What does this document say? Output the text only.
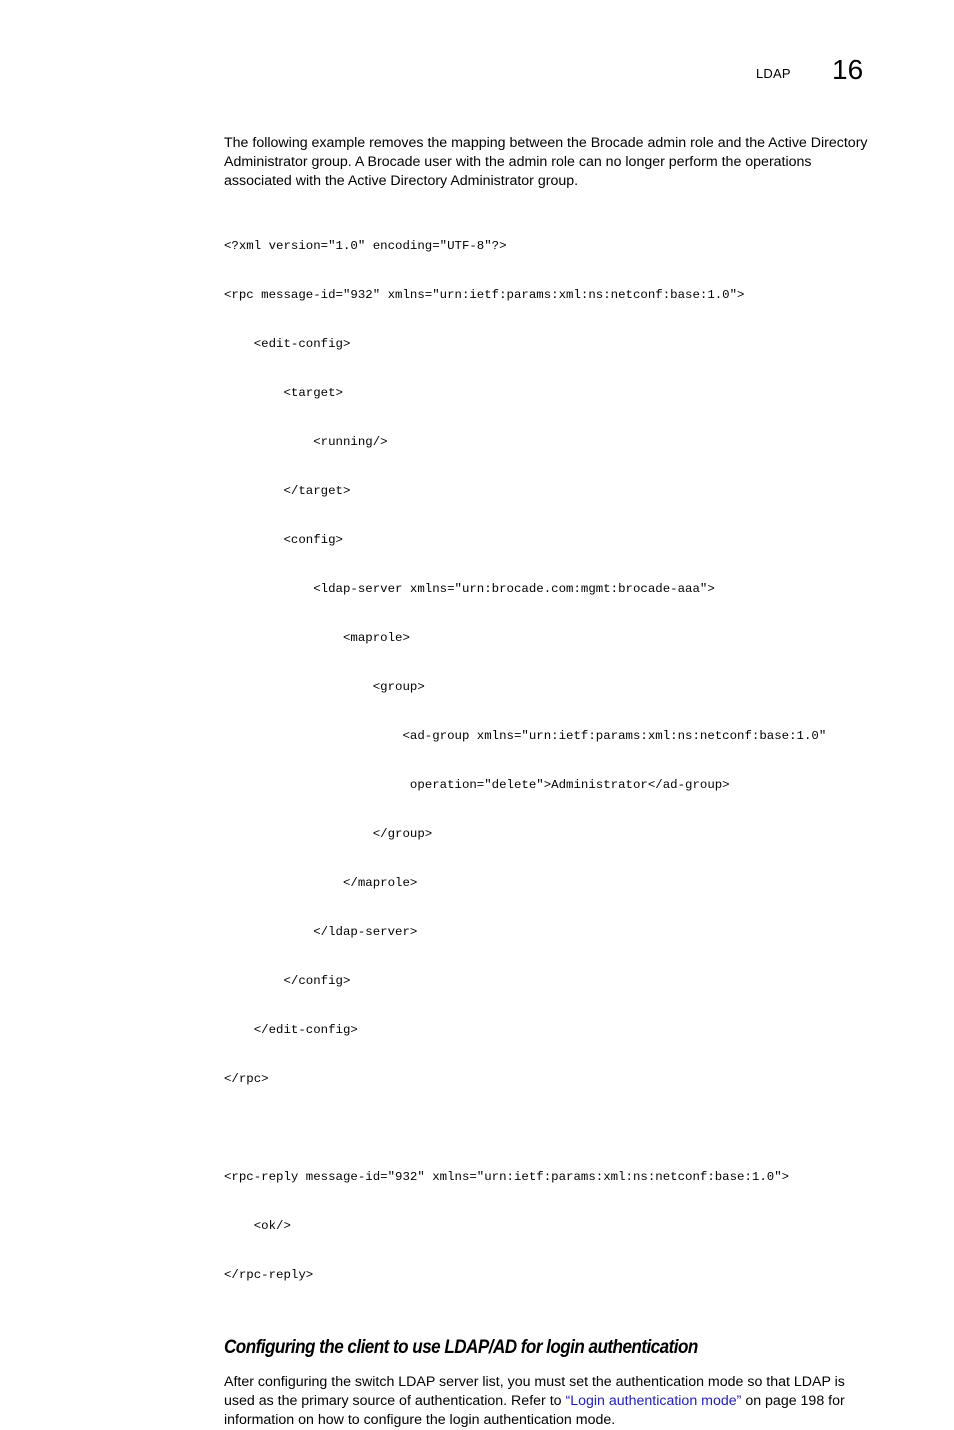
LDAP 16

The following example removes the mapping between the Brocade admin role and the Active Directory Administrator group. A Brocade user with the admin role can no longer perform the operations associated with the Active Directory Administrator group.

<?xml version="1.0" encoding="UTF-8"?>

<rpc message-id="932" xmlns="urn:ietf:params:xml:ns:netconf:base:1.0">

<edit-config>

<target>

<running/>

</target>

<config>

<ldap-server xmlns="urn:brocade.com:mgmt:brocade-aaa">

<maprole>

<group>

<ad-group xmlns="urn:ietf:params:xml:ns:netconf:base:1.0"

operation="delete">Administrator</ad-group>

</group>

</maprole>

</ldap-server>

</config>

</edit-config>

</rpc>

<rpc-reply message-id="932" xmlns="urn:ietf:params:xml:ns:netconf:base:1.0">

<ok/>

</rpc-reply>

Configuring the client to use LDAP/AD for login authentication

After configuring the switch LDAP server list, you must set the authentication mode so that LDAP is used as the primary source of authentication. Refer to “Login authentication mode” on page 198 for information on how to configure the login authentication mode.
